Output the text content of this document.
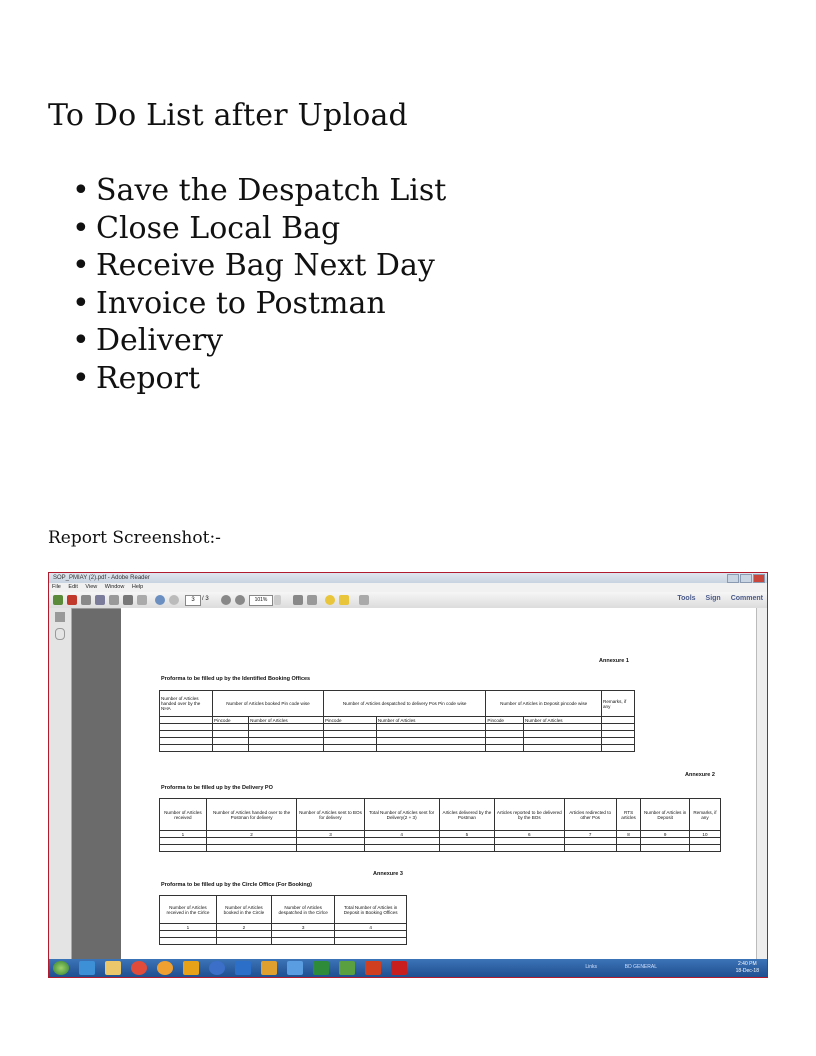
To Do List after Upload
• Save the Despatch List
• Close Local Bag
• Receive Bag Next Day
• Invoice to Postman
• Delivery
• Report
Report Screenshot:-
SOP_PMIAY (2).pdf - Adobe Reader
File Edit View Window Help
3	/ 3	101%	Tools Sign Comment
Annexure 1
Proforma to be filled up by the Identified Booking Offices
Number of Articles handed over by the NHA	Number of Articles booked Pin code wise		Number of Articles despatched to delivery Pos Pin code wise		Number of Articles in Deposit pincode wise		Remarks, if any
	Pincode	Number of Articles	Pincode	Number of Articles	Pincode	Number of Articles	

Annexure 2
Proforma to be filled up by the Delivery PO
Number of Articles received	Number of Articles handed over to the Postman for delivery	Number of Articles sent to BOs for delivery	Total Number of Articles sent for Delivery(2 + 3)	Articles delivered by the Postman	Articles reported to be delivered by the BOs	Articles redirected to other Pos	RTS articles	Number of Articles in Deposit	Remarks, if any
1	2	3	4	5	6	7	8	9	10

Annexure 3
Proforma to be filled up by the Circle Office (For Booking)
Number of Articles received in the Cirlce	Number of Articles booked in the Circle	Number of Articles despatched in the Cirlce	Total Number of Articles in Deposit in Booking Offices
1	2	3	4

Links	BD GENERAL	2:40 PM
18-Dec-18
